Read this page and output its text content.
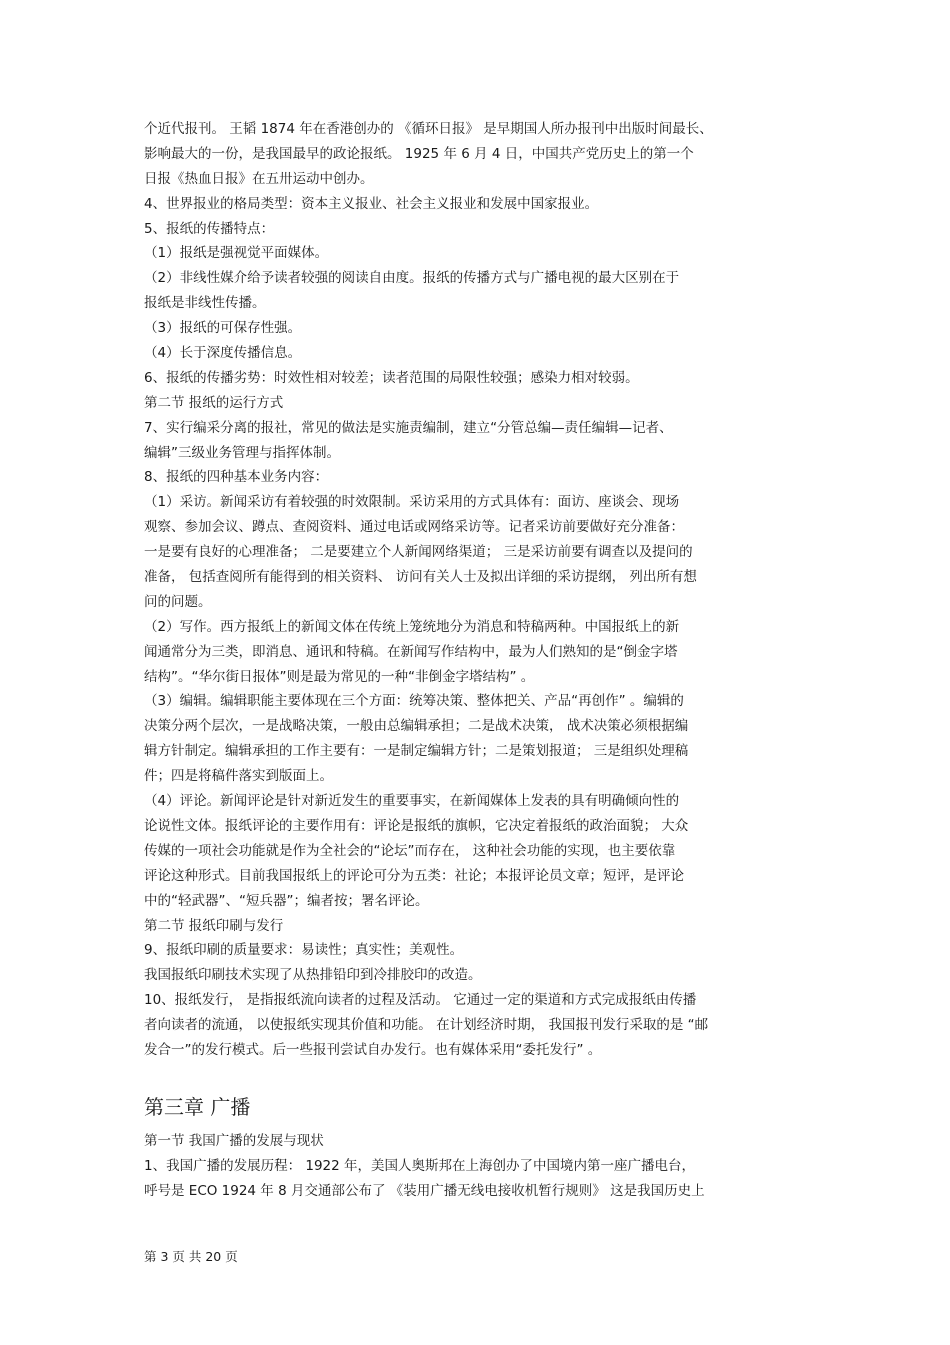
个近代报刊。 王韬 1874 年在香港创办的 《循环日报》 是早期国人所办报刊中出版时间最长、
影响最大的一份，是我国最早的政论报纸。 1925 年 6 月 4 日，中国共产党历史上的第一个
日报《热血日报》在五卅运动中创办。
4、世界报业的格局类型：资本主义报业、社会主义报业和发展中国家报业。
5、报纸的传播特点：
（1）报纸是强视觉平面媒体。
（2）非线性媒介给予读者较强的阅读自由度。报纸的传播方式与广播电视的最大区别在于
报纸是非线性传播。
（3）报纸的可保存性强。
（4）长于深度传播信息。
6、报纸的传播劣势：时效性相对较差；读者范围的局限性较强；感染力相对较弱。
第二节 报纸的运行方式
7、实行编采分离的报社，常见的做法是实施责编制，建立“分管总编—责任编辑—记者、
编辑”三级业务管理与指挥体制。
8、报纸的四种基本业务内容：
（1）采访。新闻采访有着较强的时效限制。采访采用的方式具体有：面访、座谈会、现场
观察、参加会议、蹲点、查阅资料、通过电话或网络采访等。记者采访前要做好充分准备：
一是要有良好的心理准备； 二是要建立个人新闻网络渠道； 三是采访前要有调查以及提问的
准备， 包括查阅所有能得到的相关资料、 访问有关人士及拟出详细的采访提纲， 列出所有想
问的问题。
（2）写作。西方报纸上的新闻文体在传统上笼统地分为消息和特稿两种。中国报纸上的新
闻通常分为三类，即消息、通讯和特稿。在新闻写作结构中，最为人们熟知的是“倒金字塔
结构”。“华尔街日报体”则是最为常见的一种“非倒金字塔结构” 。
（3）编辑。编辑职能主要体现在三个方面：统筹决策、整体把关、产品“再创作” 。编辑的
决策分两个层次，一是战略决策，一般由总编辑承担；二是战术决策， 战术决策必须根据编
辑方针制定。编辑承担的工作主要有：一是制定编辑方针；二是策划报道； 三是组织处理稿
件；四是将稿件落实到版面上。
（4）评论。新闻评论是针对新近发生的重要事实，在新闻媒体上发表的具有明确倾向性的
论说性文体。报纸评论的主要作用有：评论是报纸的旗帜，它决定着报纸的政治面貌； 大众
传媒的一项社会功能就是作为全社会的“论坛”而存在， 这种社会功能的实现，也主要依靠
评论这种形式。目前我国报纸上的评论可分为五类：社论；本报评论员文章；短评，是评论
中的“轻武器”、“短兵器”；编者按；署名评论。
第二节 报纸印刷与发行
9、报纸印刷的质量要求：易读性；真实性；美观性。
我国报纸印刷技术实现了从热排铅印到冷排胶印的改造。
10、报纸发行， 是指报纸流向读者的过程及活动。 它通过一定的渠道和方式完成报纸由传播
者向读者的流通， 以使报纸实现其价值和功能。 在计划经济时期， 我国报刊发行采取的是 “邮
发合一”的发行模式。后一些报刊尝试自办发行。也有媒体采用“委托发行” 。
第三章 广播
第一节 我国广播的发展与现状
1、我国广播的发展历程： 1922 年，美国人奥斯邦在上海创办了中国境内第一座广播电台，
呼号是 ECO 1924 年 8 月交通部公布了 《装用广播无线电接收机暂行规则》 这是我国历史上
第 3 页 共 20 页
